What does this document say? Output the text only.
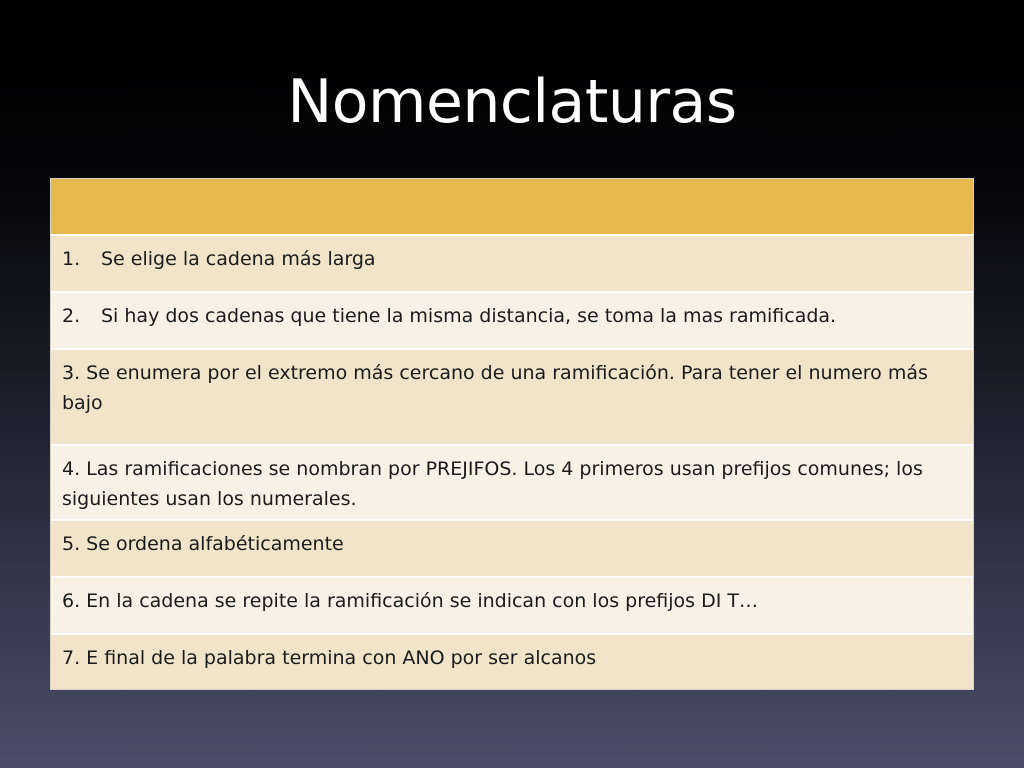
Nomenclaturas
1. Se elige la cadena más larga
2. Si hay dos cadenas que tiene la misma distancia, se toma la mas ramificada.
3. Se enumera por el extremo más cercano de una ramificación. Para tener el numero más bajo
4. Las ramificaciones se nombran por PREJIFOS. Los 4 primeros usan prefijos comunes; los siguientes usan los numerales.
5. Se ordena alfabéticamente
6. En la cadena se repite la ramificación se indican con los prefijos DI T…
7. E final de la palabra termina con ANO por ser alcanos
